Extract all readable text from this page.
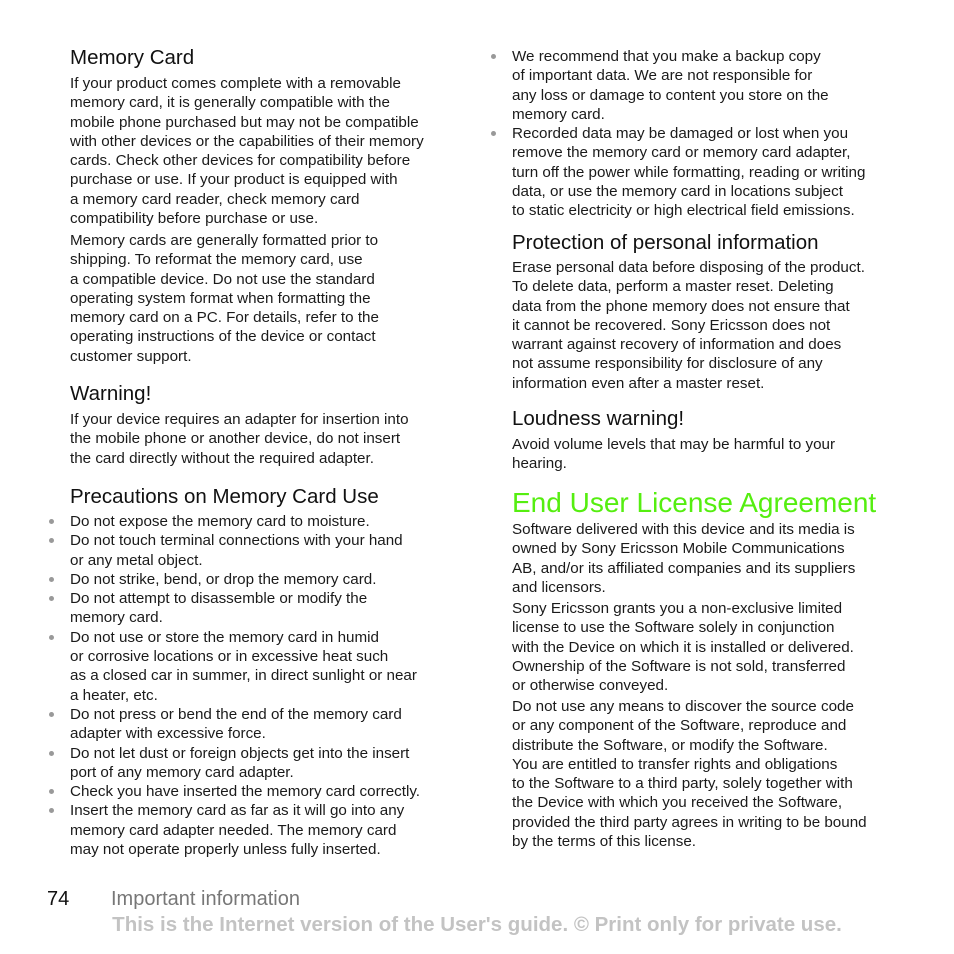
Memory Card
If your product comes complete with a removable
memory card, it is generally compatible with the
mobile phone purchased but may not be compatible
with other devices or the capabilities of their memory
cards. Check other devices for compatibility before
purchase or use. If your product is equipped with
a memory card reader, check memory card
compatibility before purchase or use.
Memory cards are generally formatted prior to
shipping. To reformat the memory card, use
a compatible device. Do not use the standard
operating system format when formatting the
memory card on a PC. For details, refer to the
operating instructions of the device or contact
customer support.
Warning!
If your device requires an adapter for insertion into
the mobile phone or another device, do not insert
the card directly without the required adapter.
Precautions on Memory Card Use
Do not expose the memory card to moisture.
Do not touch terminal connections with your hand
or any metal object.
Do not strike, bend, or drop the memory card.
Do not attempt to disassemble or modify the
memory card.
Do not use or store the memory card in humid
or corrosive locations or in excessive heat such
as a closed car in summer, in direct sunlight or near
a heater, etc.
Do not press or bend the end of the memory card
adapter with excessive force.
Do not let dust or foreign objects get into the insert
port of any memory card adapter.
Check you have inserted the memory card correctly.
Insert the memory card as far as it will go into any
memory card adapter needed. The memory card
may not operate properly unless fully inserted.
We recommend that you make a backup copy
of important data. We are not responsible for
any loss or damage to content you store on the
memory card.
Recorded data may be damaged or lost when you
remove the memory card or memory card adapter,
turn off the power while formatting, reading or writing
data, or use the memory card in locations subject
to static electricity or high electrical field emissions.
Protection of personal information
Erase personal data before disposing of the product.
To delete data, perform a master reset. Deleting
data from the phone memory does not ensure that
it cannot be recovered. Sony Ericsson does not
warrant against recovery of information and does
not assume responsibility for disclosure of any
information even after a master reset.
Loudness warning!
Avoid volume levels that may be harmful to your
hearing.
End User License Agreement
Software delivered with this device and its media is
owned by Sony Ericsson Mobile Communications
AB, and/or its affiliated companies and its suppliers
and licensors.
Sony Ericsson grants you a non-exclusive limited
license to use the Software solely in conjunction
with the Device on which it is installed or delivered.
Ownership of the Software is not sold, transferred
or otherwise conveyed.
Do not use any means to discover the source code
or any component of the Software, reproduce and
distribute the Software, or modify the Software.
You are entitled to transfer rights and obligations
to the Software to a third party, solely together with
the Device with which you received the Software,
provided the third party agrees in writing to be bound
by the terms of this license.
74 Important information
This is the Internet version of the User's guide. © Print only for private use.
